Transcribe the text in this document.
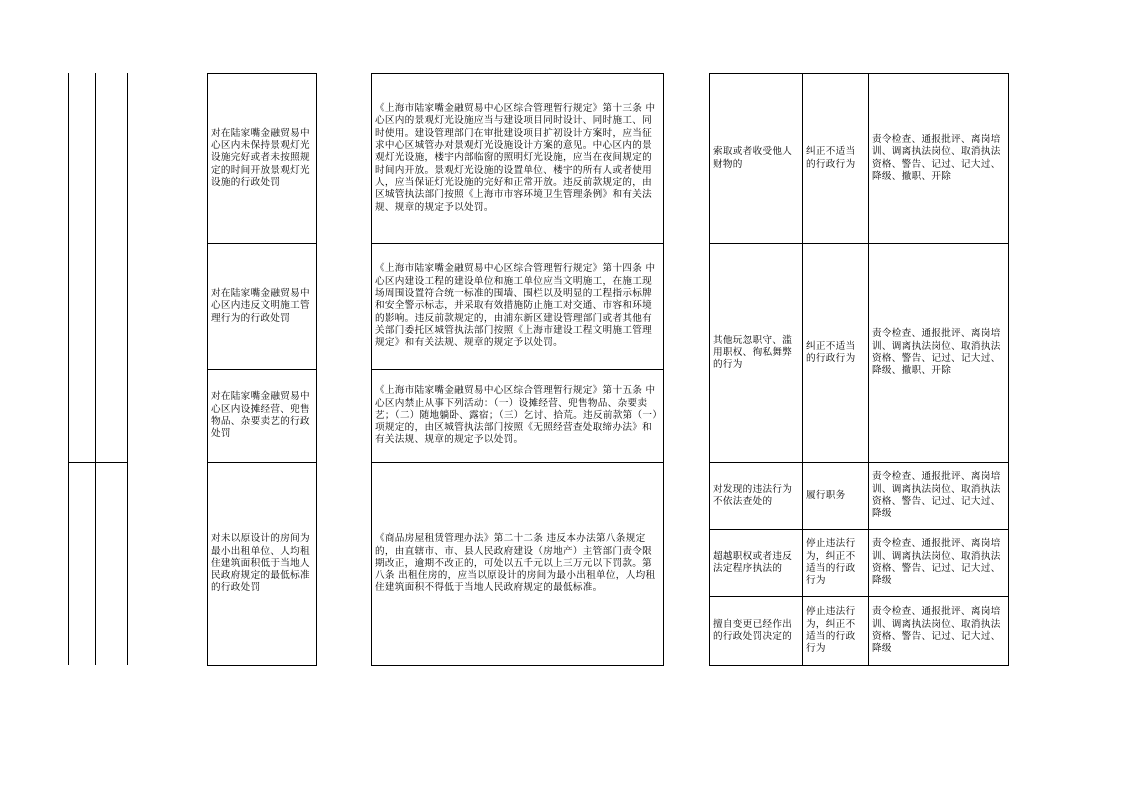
对在陆家嘴金融贸易中心区内未保持景观灯光设施完好或者未按照规定的时间开放景观灯光设施的行政处罚
对在陆家嘴金融贸易中心区内违反文明施工管理行为的行政处罚
对在陆家嘴金融贸易中心区内设摊经营、兜售物品、杂要卖艺的行政处罚
对未以原设计的房间为最小出租单位、人均租住建筑面积低于当地人民政府规定的最低标准的行政处罚
《上海市陆家嘴金融贸易中心区综合管理暂行规定》第十三条 中心区内的景观灯光设施应当与建设项目同时设计、同时施工、同时使用。建设管理部门在审批建设项目扩初设计方案时，应当征求中心区城管办对景观灯光设施设计方案的意见。中心区内的景观灯光设施，楼宇内部临窗的照明灯光设施，应当在夜间规定的时间内开放。景观灯光设施的设置单位、楼宇的所有人或者使用人，应当保证灯光设施的完好和正常开放。违反前款规定的，由区城管执法部门按照《上海市市容环境卫生管理条例》和有关法规、规章的规定予以处罚。
《上海市陆家嘴金融贸易中心区综合管理暂行规定》第十四条 中心区内建设工程的建设单位和施工单位应当文明施工，在施工现场周围设置符合统一标准的围墙、围栏以及明显的工程指示标牌和安全警示标志，并采取有效措施防止施工对交通、市容和环境的影响。违反前款规定的，由浦东新区建设管理部门或者其他有关部门委托区城管执法部门按照《上海市建设工程文明施工管理规定》和有关法规、规章的规定予以处罚。
《上海市陆家嘴金融贸易中心区综合管理暂行规定》第十五条 中心区内禁止从事下列活动：（一）设摊经营、兜售物品、杂要卖艺；（二）随地躺卧、露宿；（三）乞讨、拾荒。违反前款第（一）项规定的，由区城管执法部门按照《无照经营查处取缔办法》和有关法规、规章的规定予以处罚。
《商品房屋租赁管理办法》第二十二条 违反本办法第八条规定的，由直辖市、市、县人民政府建设（房地产）主管部门责令限期改正，逾期不改正的，可处以五千元以上三万元以下罚款。第八条 出租住房的，应当以原设计的房间为最小出租单位，人均租住建筑面积不得低于当地人民政府规定的最低标准。
索取或者收受他人财物的
其他玩忽职守、滥用职权、徇私舞弊的行为
对发现的违法行为不依法查处的
超越职权或者违反法定程序执法的
擅自变更已经作出的行政处罚决定的
纠正不适当的行政行为
纠正不适当的行政行为
履行职务
停止违法行为，纠正不适当的行政行为
停止违法行为，纠正不适当的行政行为
责令检查、通报批评、离岗培训、调离执法岗位、取消执法资格、警告、记过、记大过、降级、撤职、开除
责令检查、通报批评、离岗培训、调离执法岗位、取消执法资格、警告、记过、记大过、降级、撤职、开除
责令检查、通报批评、离岗培训、调离执法岗位、取消执法资格、警告、记过、记大过、降级
责令检查、通报批评、离岗培训、调离执法岗位、取消执法资格、警告、记过、记大过、降级
责令检查、通报批评、离岗培训、调离执法岗位、取消执法资格、警告、记过、记大过、降级
